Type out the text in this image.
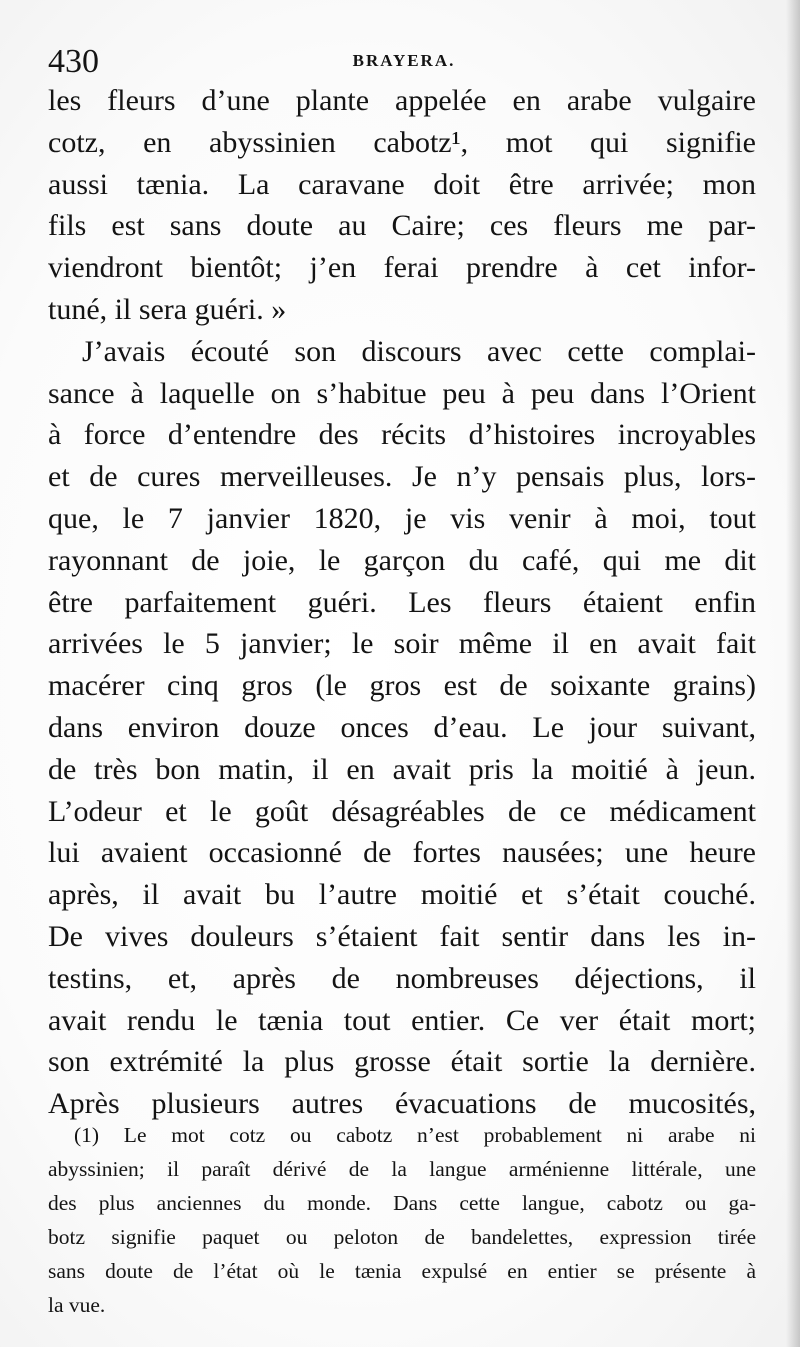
430	BRAYERA.
les fleurs d’une plante appelée en arabe vulgaire
cotz, en abyssinien cabotz¹, mot qui signifie
aussi tænia. La caravane doit être arrivée; mon
fils est sans doute au Caire; ces fleurs me par-
viendront bientôt; j’en ferai prendre à cet infor-
tuné, il sera guéri. »
J’avais écouté son discours avec cette complai-
sance à laquelle on s’habitue peu à peu dans l’Orient
à force d’entendre des récits d’histoires incroyables
et de cures merveilleuses. Je n’y pensais plus, lors-
que, le 7 janvier 1820, je vis venir à moi, tout
rayonnant de joie, le garçon du café, qui me dit
être parfaitement guéri. Les fleurs étaient enfin
arrivées le 5 janvier; le soir même il en avait fait
macérer cinq gros (le gros est de soixante grains)
dans environ douze onces d’eau. Le jour suivant,
de très bon matin, il en avait pris la moitié à jeun.
L’odeur et le goût désagréables de ce médicament
lui avaient occasionné de fortes nausées; une heure
après, il avait bu l’autre moitié et s’était couché.
De vives douleurs s’étaient fait sentir dans les in-
testins, et, après de nombreuses déjections, il
avait rendu le tænia tout entier. Ce ver était mort;
son extrémité la plus grosse était sortie la dernière.
Après plusieurs autres évacuations de mucosités,
(1) Le mot cotz ou cabotz n’est probablement ni arabe ni
abyssinien; il paraît dérivé de la langue arménienne littérale, une
des plus anciennes du monde. Dans cette langue, cabotz ou ga-
botz signifie paquet ou peloton de bandelettes, expression tirée
sans doute de l’état où le tænia expulsé en entier se présente à
la vue.
